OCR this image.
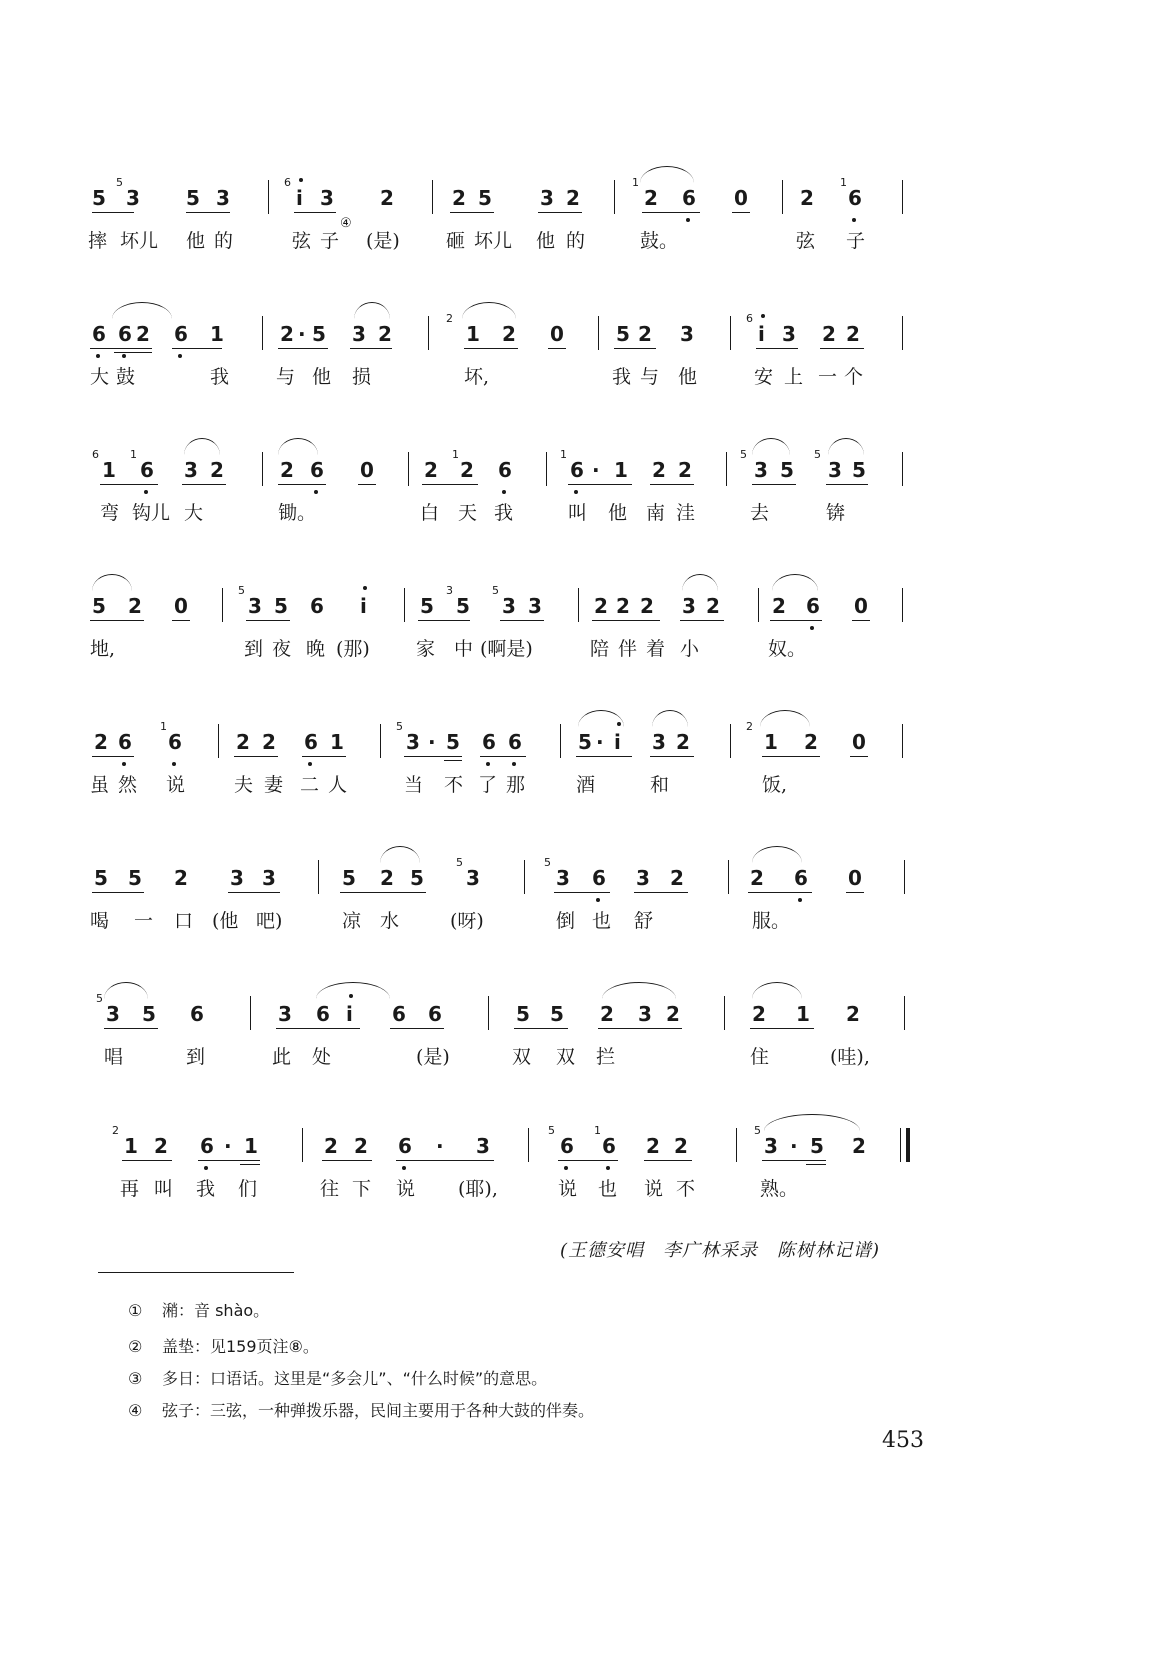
5
5
3 5 3
6
i 3 2	2 5 3 2
1
2 6 0	2
1
6
摔 坏儿 他 的	弦 子
④
(是) 砸 坏儿 他 的	鼓。	弦 子
6 6 2 6 1	2 · 5 3 2
2
1 2 0	5 2 3
6
i 3 2 2
大 鼓	我 与 他 损	坏,	我 与 他	安 上 一 个
6
1
1
6 3 2	2 6 0	2
1
2 6
1
6 · 1 2 2
5
3 5
5
3 5
弯 钩儿 大	锄。	白 天 我	叫 他 南 洼	去	锛
5 2 0
5
3 5 6 i	5
3
5
5
3 3	2 2 2 3 2	2 6 0
地,	到 夜 晚 (那) 家 中 (啊是)	陪 伴 着 小	奴。
2 6
1
6	2 2 6 1
5
3 · 5 6 6	5 · i 3 2
2
1 2 0
虽 然 说	夫 妻 二 人	当 不 了 那	酒	和	饭,
5 5 2 3 3	5 2 5
5
3
5
3 6 3 2	2 6 0
喝 一 口 (他 吧)	凉 水	(呀)	倒 也 舒	服。
5
3 5 6	3 6 i 6 6	5 5 2 3 2	2 1 2
唱	到	此 处	(是)	双 双 拦	住	(哇),
2
1 2 6 · 1	2 2 6 · 3
5
6
1
6 2 2
5
3 · 5 2
再 叫 我 们	往 下 说 (耶),	说 也 说 不	熟。
(王德安唱　李广林采录　陈树林记谱)
① 潲：音 shào。
② 盖垫：见159页注⑧。
③ 多日：口语话。这里是“多会儿”、“什么时候”的意思。
④ 弦子：三弦，一种弹拨乐器，民间主要用于各种大鼓的伴奏。
453
